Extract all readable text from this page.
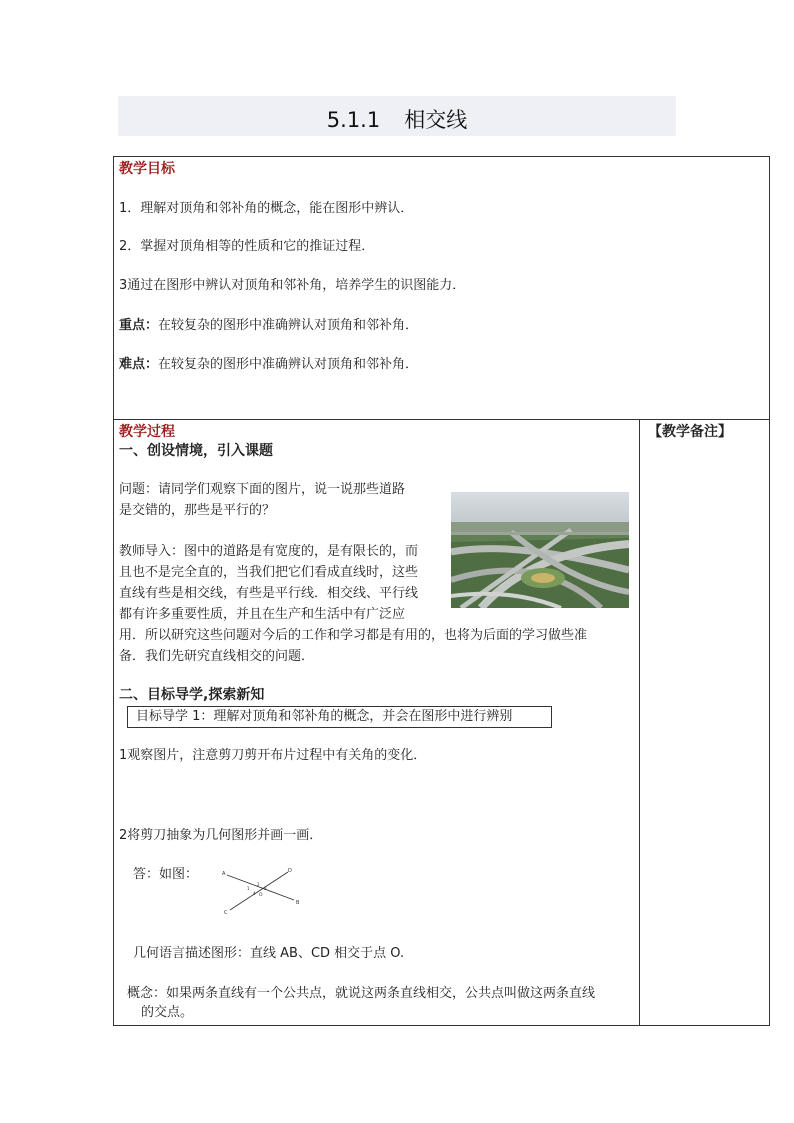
5.1.1 相交线
教学目标
1．理解对顶角和邻补角的概念，能在图形中辨认．
2．掌握对顶角相等的性质和它的推证过程．
3通过在图形中辨认对顶角和邻补角，培养学生的识图能力．
重点：在较复杂的图形中准确辨认对顶角和邻补角．
难点：在较复杂的图形中准确辨认对顶角和邻补角．
【教学备注】
教学过程
一、创设情境，引入课题
问题：请同学们观察下面的图片，说一说那些道路
是交错的，那些是平行的？
教师导入：图中的道路是有宽度的，是有限长的，而
且也不是完全直的，当我们把它们看成直线时，这些
直线有些是相交线，有些是平行线．相交线、平行线
都有许多重要性质，并且在生产和生活中有广泛应
用．所以研究这些问题对今后的工作和学习都是有用的，也将为后面的学习做些准
备．我们先研究直线相交的问题．
二、目标导学,探索新知
目标导学 1：理解对顶角和邻补角的概念，并会在图形中进行辨别
1观察图片，注意剪刀剪开布片过程中有关角的变化．
2将剪刀抽象为几何图形并画一画．
答：如图：	A
B
C
D
2
1	3
4 O
几何语言描述图形：直线 AB、CD 相交于点 O.
概念：如果两条直线有一个公共点，就说这两条直线相交，公共点叫做这两条直线
的交点。
